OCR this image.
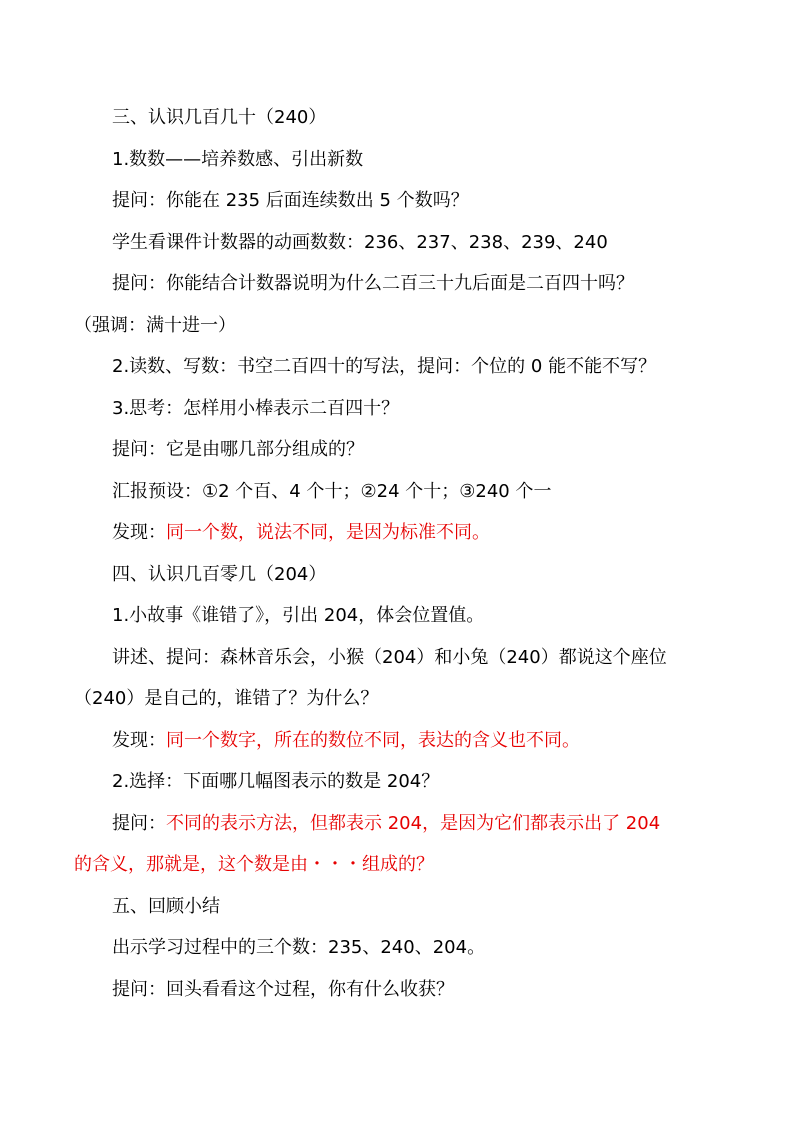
三、认识几百几十（240）
1.数数——培养数感、引出新数
提问：你能在 235 后面连续数出 5 个数吗？
学生看课件计数器的动画数数：236、237、238、239、240
提问：你能结合计数器说明为什么二百三十九后面是二百四十吗？
（强调：满十进一）
2.读数、写数：书空二百四十的写法，提问：个位的 0 能不能不写？
3.思考：怎样用小棒表示二百四十？
提问：它是由哪几部分组成的？
汇报预设：①2 个百、4 个十；②24 个十；③240 个一
发现：同一个数，说法不同，是因为标准不同。
四、认识几百零几（204）
1.小故事《谁错了》，引出 204，体会位置值。
讲述、提问：森林音乐会，小猴（204）和小兔（240）都说这个座位
（240）是自己的，谁错了？为什么？
发现：同一个数字，所在的数位不同，表达的含义也不同。
2.选择：下面哪几幅图表示的数是 204？
提问：不同的表示方法，但都表示 204，是因为它们都表示出了 204
的含义，那就是，这个数是由・・・组成的？
五、回顾小结
出示学习过程中的三个数：235、240、204。
提问：回头看看这个过程，你有什么收获？
